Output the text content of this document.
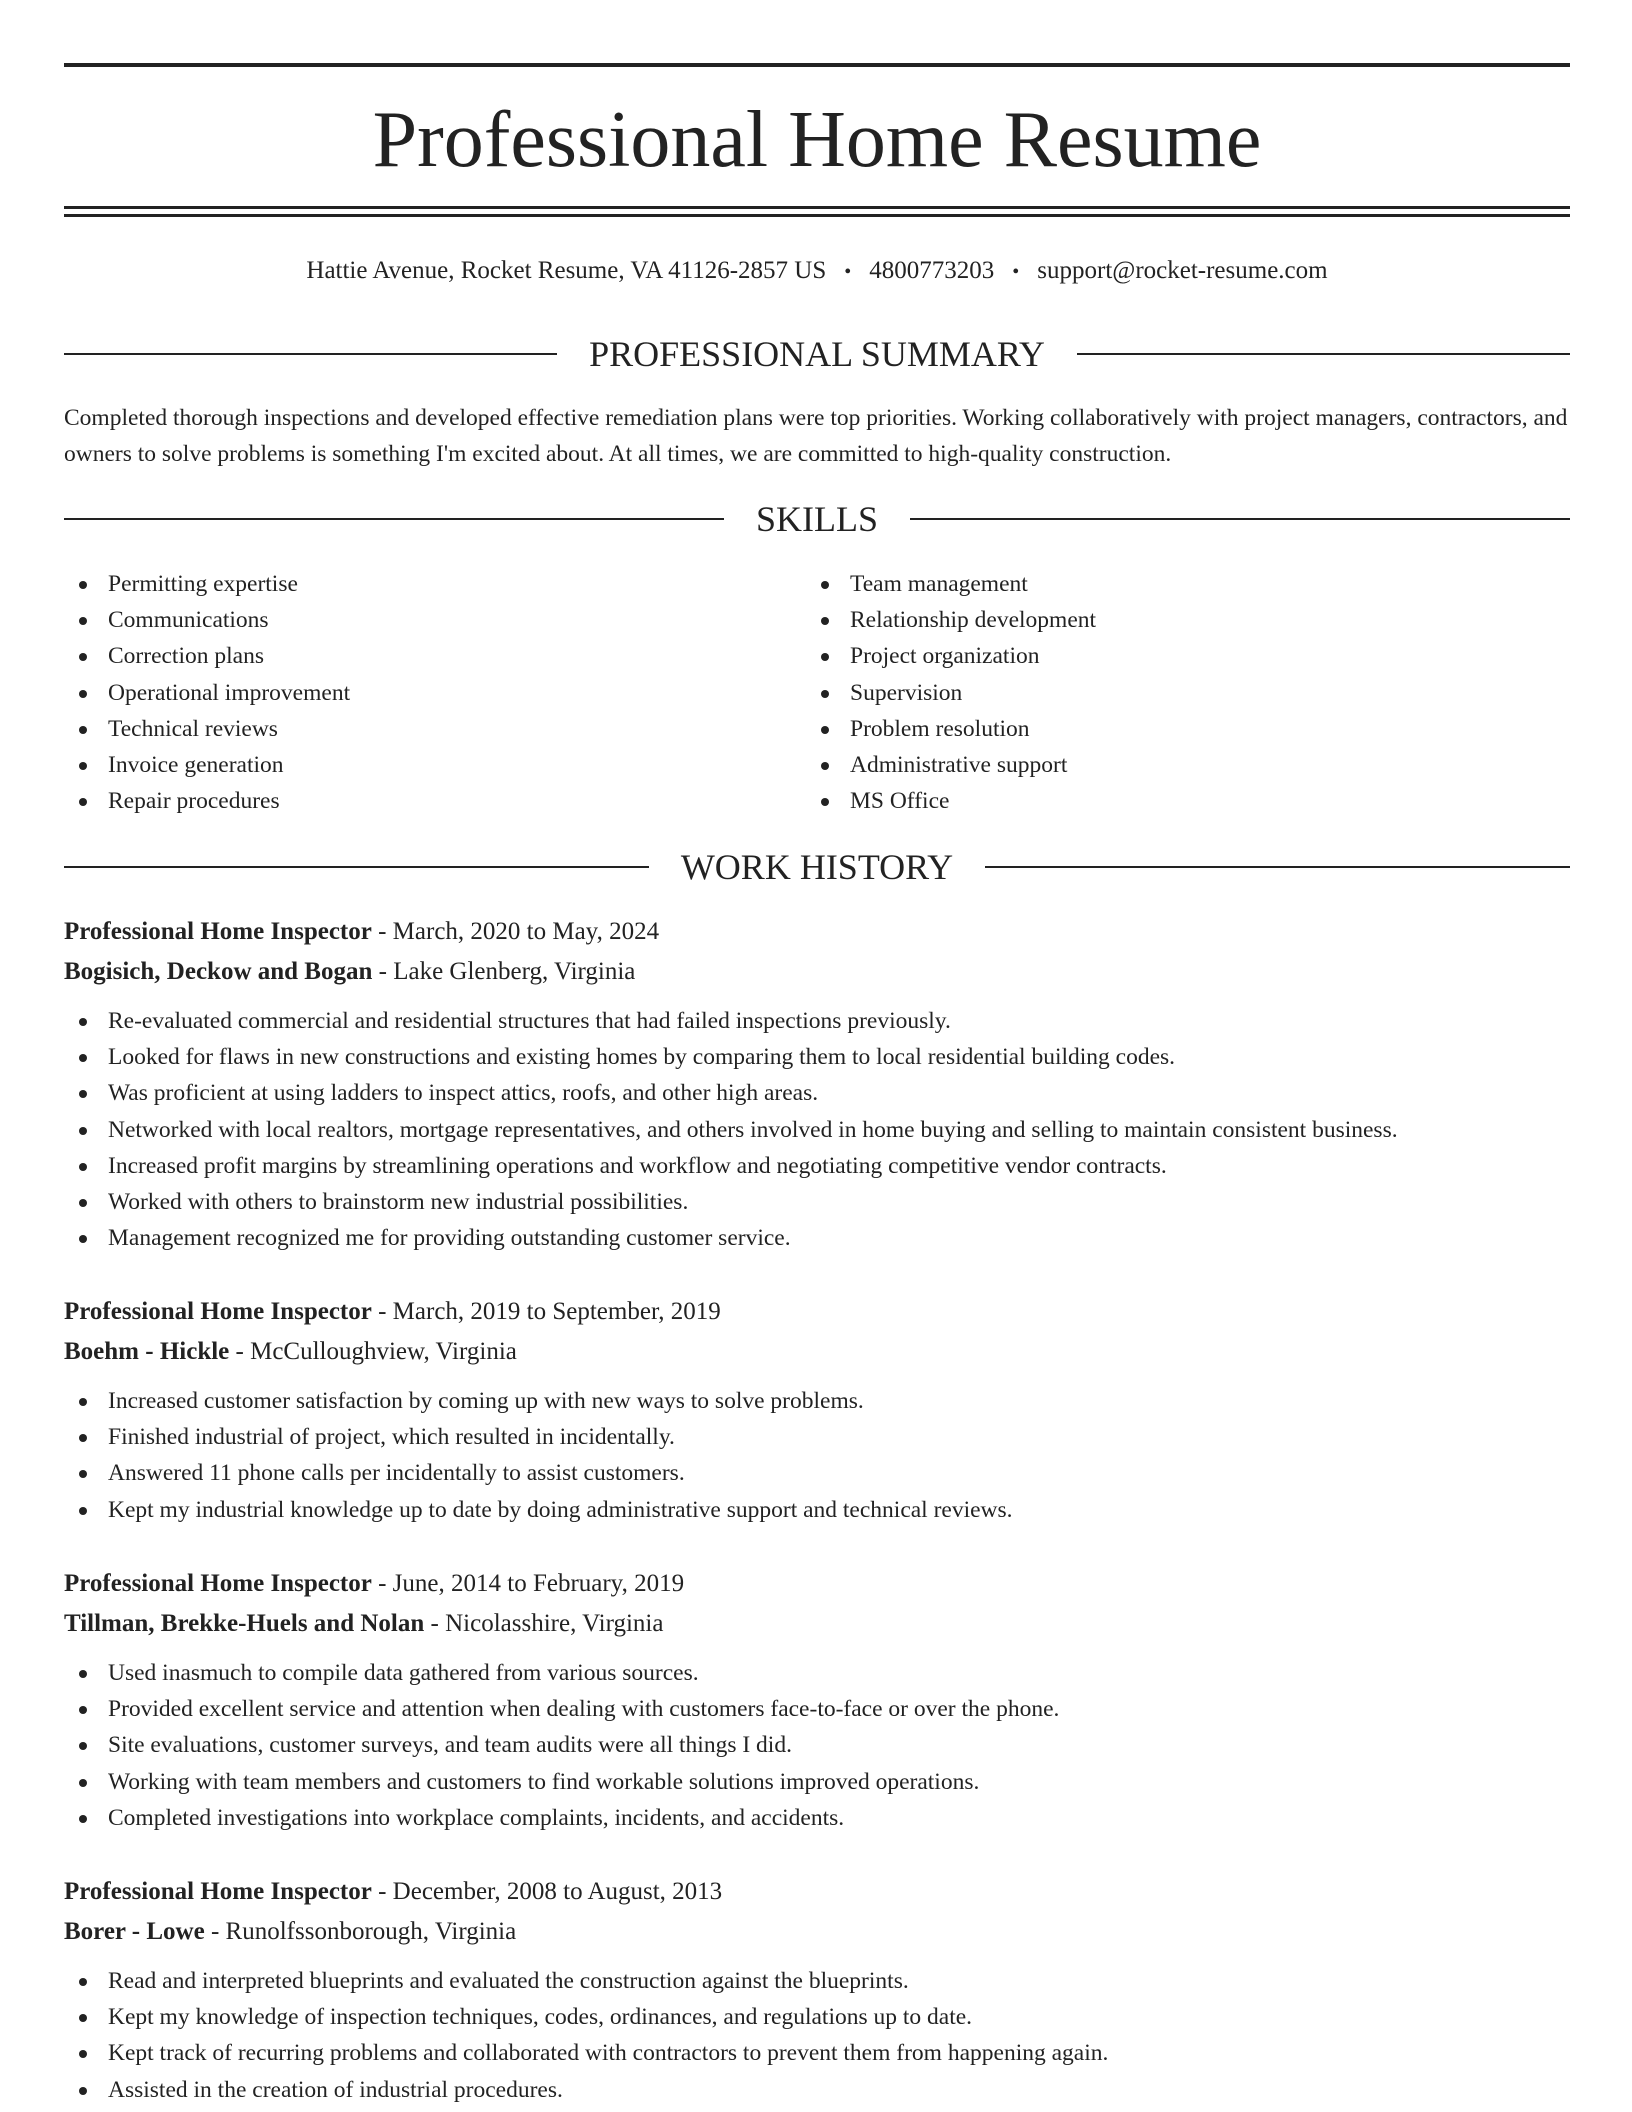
Professional Home Resume
Hattie Avenue, Rocket Resume, VA 41126-2857 US • 4800773203 • support@rocket-resume.com
PROFESSIONAL SUMMARY
Completed thorough inspections and developed effective remediation plans were top priorities. Working collaboratively with project managers, contractors, and owners to solve problems is something I'm excited about. At all times, we are committed to high-quality construction.
SKILLS
Permitting expertise
Communications
Correction plans
Operational improvement
Technical reviews
Invoice generation
Repair procedures
Team management
Relationship development
Project organization
Supervision
Problem resolution
Administrative support
MS Office
WORK HISTORY
Professional Home Inspector - March, 2020 to May, 2024
Bogisich, Deckow and Bogan - Lake Glenberg, Virginia
Re-evaluated commercial and residential structures that had failed inspections previously.
Looked for flaws in new constructions and existing homes by comparing them to local residential building codes.
Was proficient at using ladders to inspect attics, roofs, and other high areas.
Networked with local realtors, mortgage representatives, and others involved in home buying and selling to maintain consistent business.
Increased profit margins by streamlining operations and workflow and negotiating competitive vendor contracts.
Worked with others to brainstorm new industrial possibilities.
Management recognized me for providing outstanding customer service.
Professional Home Inspector - March, 2019 to September, 2019
Boehm - Hickle - McCulloughview, Virginia
Increased customer satisfaction by coming up with new ways to solve problems.
Finished industrial of project, which resulted in incidentally.
Answered 11 phone calls per incidentally to assist customers.
Kept my industrial knowledge up to date by doing administrative support and technical reviews.
Professional Home Inspector - June, 2014 to February, 2019
Tillman, Brekke-Huels and Nolan - Nicolasshire, Virginia
Used inasmuch to compile data gathered from various sources.
Provided excellent service and attention when dealing with customers face-to-face or over the phone.
Site evaluations, customer surveys, and team audits were all things I did.
Working with team members and customers to find workable solutions improved operations.
Completed investigations into workplace complaints, incidents, and accidents.
Professional Home Inspector - December, 2008 to August, 2013
Borer - Lowe - Runolfssonborough, Virginia
Read and interpreted blueprints and evaluated the construction against the blueprints.
Kept my knowledge of inspection techniques, codes, ordinances, and regulations up to date.
Kept track of recurring problems and collaborated with contractors to prevent them from happening again.
Assisted in the creation of industrial procedures.
